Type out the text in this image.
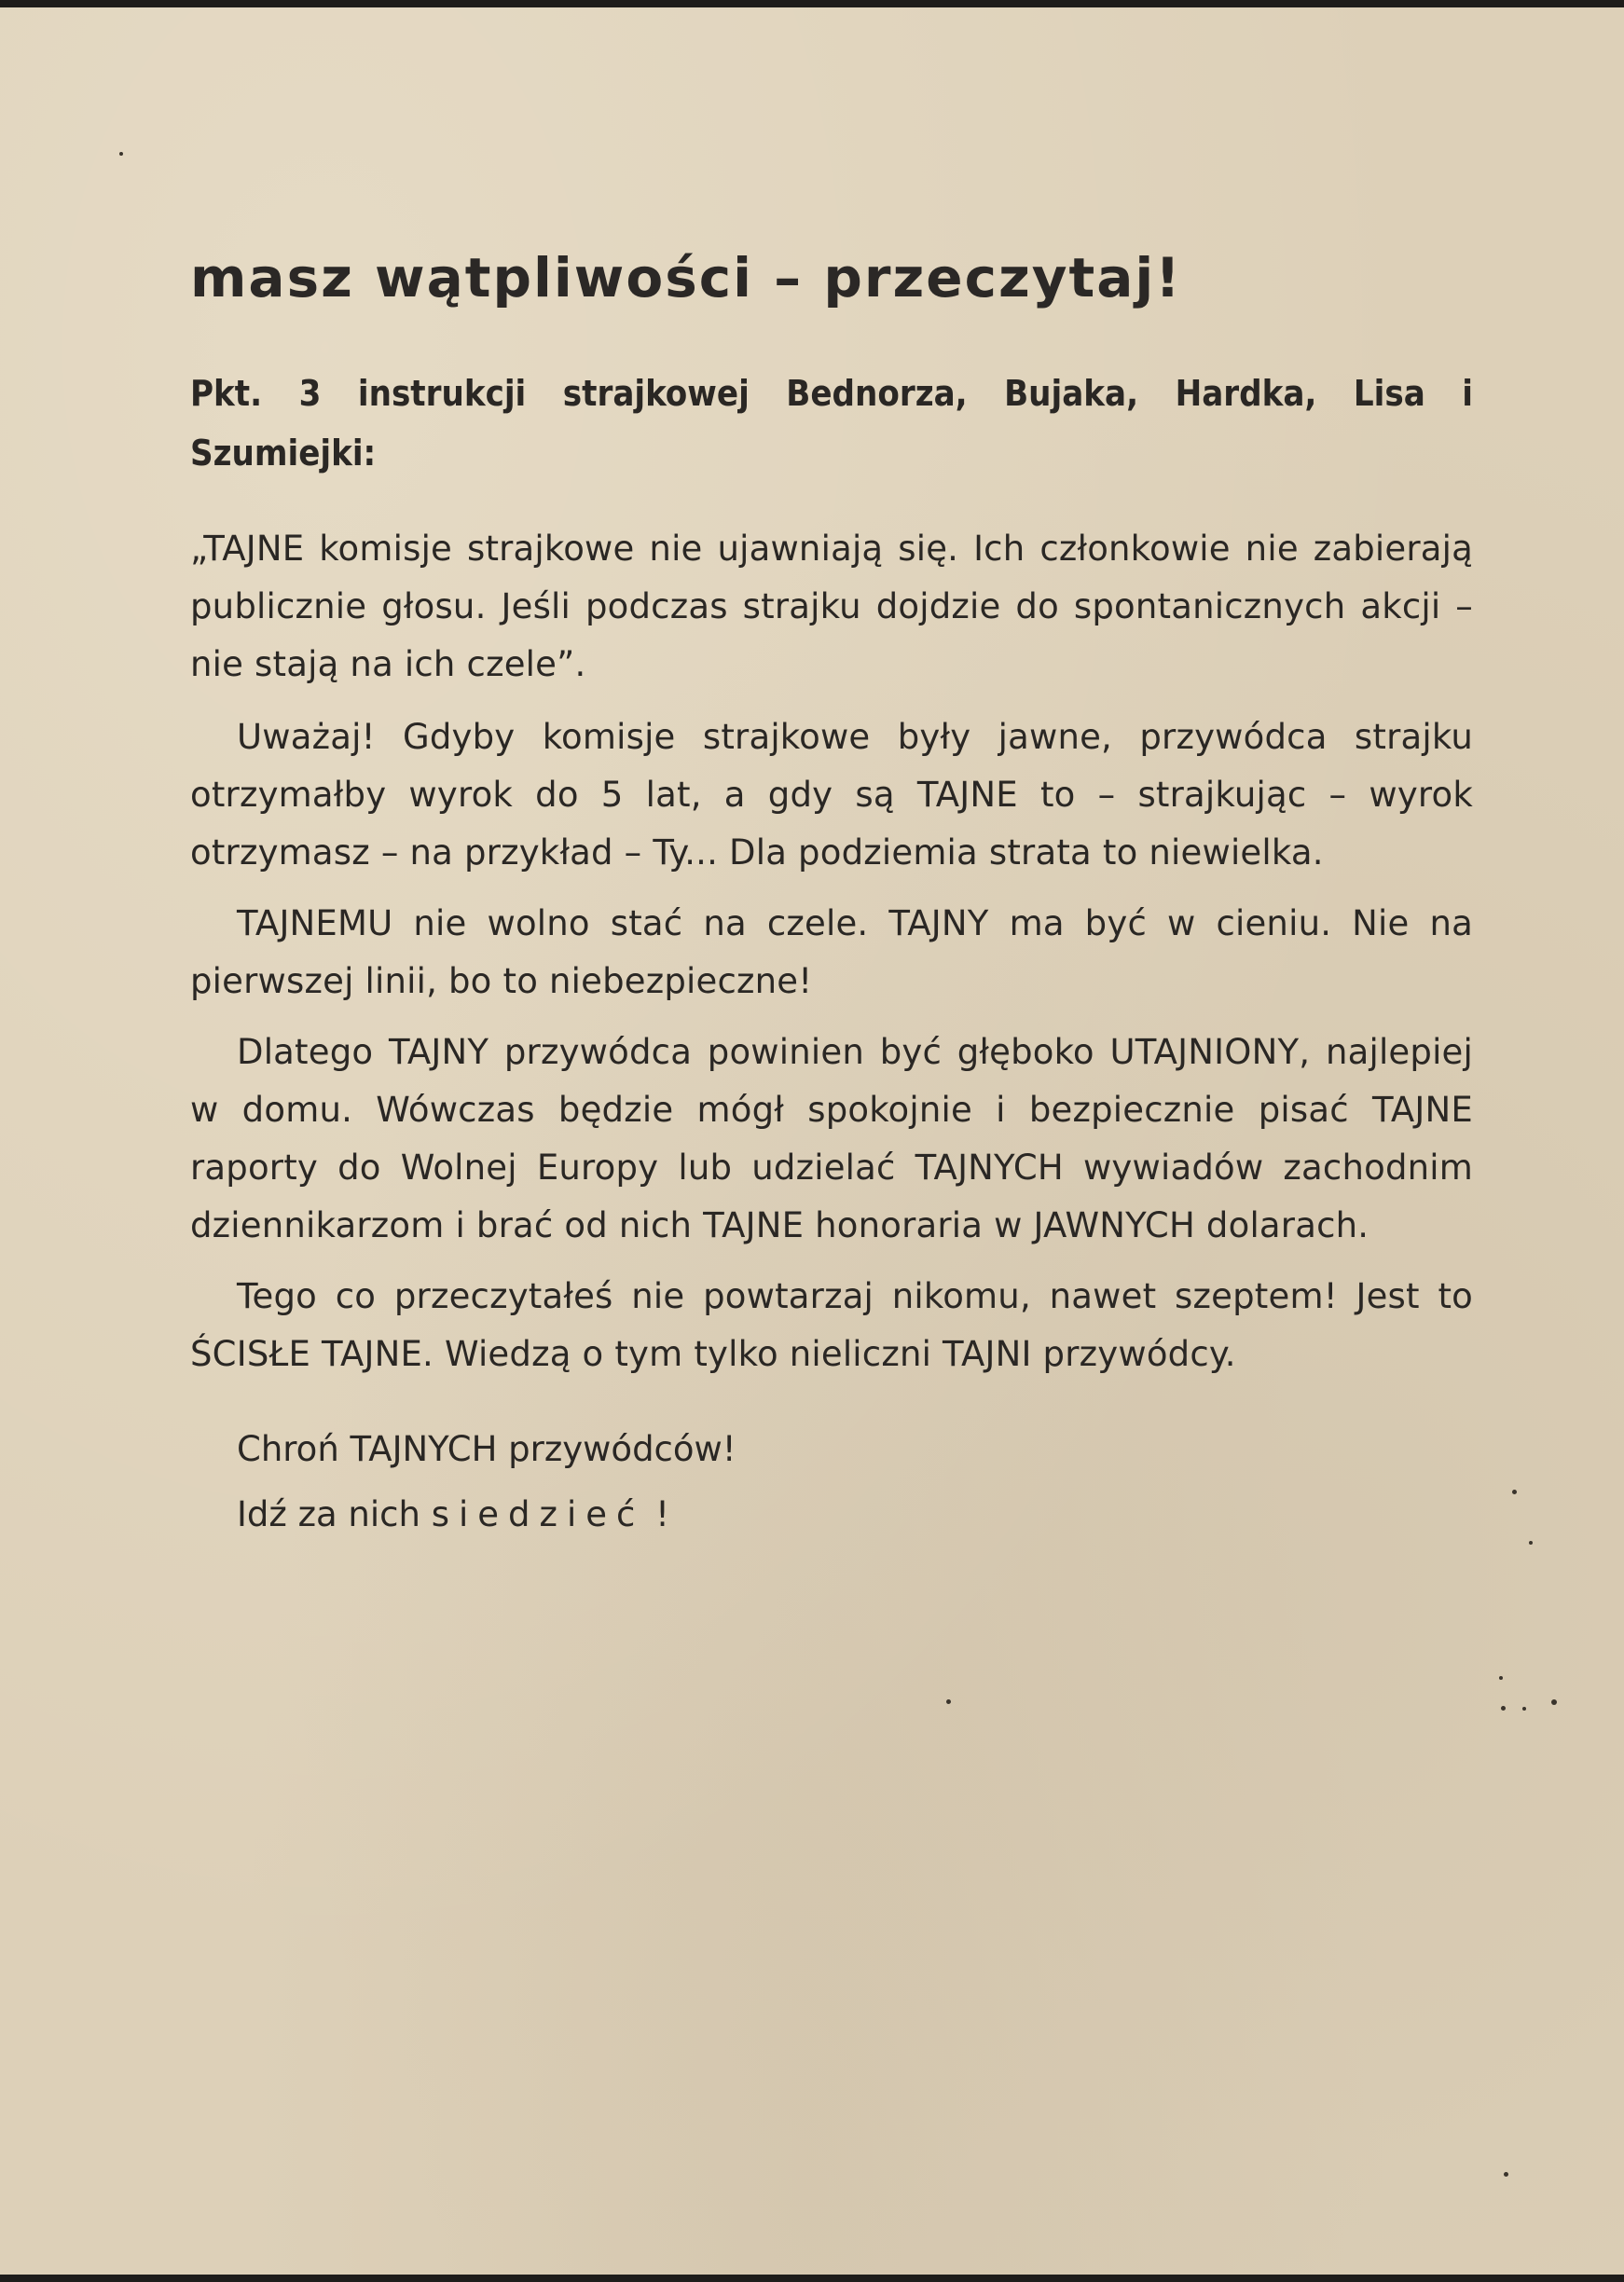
masz wątpliwości – przeczytaj!

Pkt. 3 instrukcji strajkowej Bednorza, Bujaka, Hardka, Lisa i Szumiejki:

„TAJNE komisje strajkowe nie ujawniają się. Ich członkowie nie zabierają publicznie głosu. Jeśli podczas strajku dojdzie do spontanicznych akcji – nie stają na ich czele”.

Uważaj! Gdyby komisje strajkowe były jawne, przywódca strajku otrzymałby wyrok do 5 lat, a gdy są TAJNE to – strajkując – wyrok otrzymasz – na przykład – Ty... Dla podziemia strata to niewielka.

TAJNEMU nie wolno stać na czele. TAJNY ma być w cieniu. Nie na pierwszej linii, bo to niebezpieczne!

Dlatego TAJNY przywódca powinien być głęboko UTAJNIONY, najlepiej w domu. Wówczas będzie mógł spokojnie i bezpiecznie pisać TAJNE raporty do Wolnej Europy lub udzielać TAJNYCH wywiadów zachodnim dziennikarzom i brać od nich TAJNE honoraria w JAWNYCH dolarach.

Tego co przeczytałeś nie powtarzaj nikomu, nawet szeptem! Jest to ŚCISŁE TAJNE. Wiedzą o tym tylko nieliczni TAJNI przywódcy.

Chroń TAJNYCH przywódców!
Idź za nich siedzieć !
